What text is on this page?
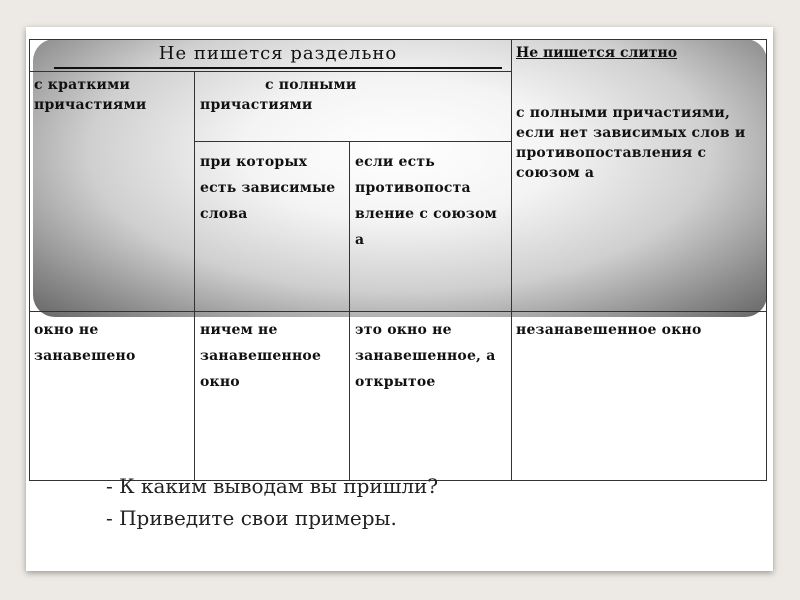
Не пишется раздельно	Не пишется слитно
с полными причастиями, если нет зависимых слов и противопоставления с союзом а
с краткими причастиями
с полными причастиями
при которых есть зависимые слова
если есть противопоста вление с союзом а
окно не занавешено
ничем не занавешенное окно
это окно не занавешенное, а открытое
незанавешенное окно
- К каким выводам вы пришли?
- Приведите свои примеры.
